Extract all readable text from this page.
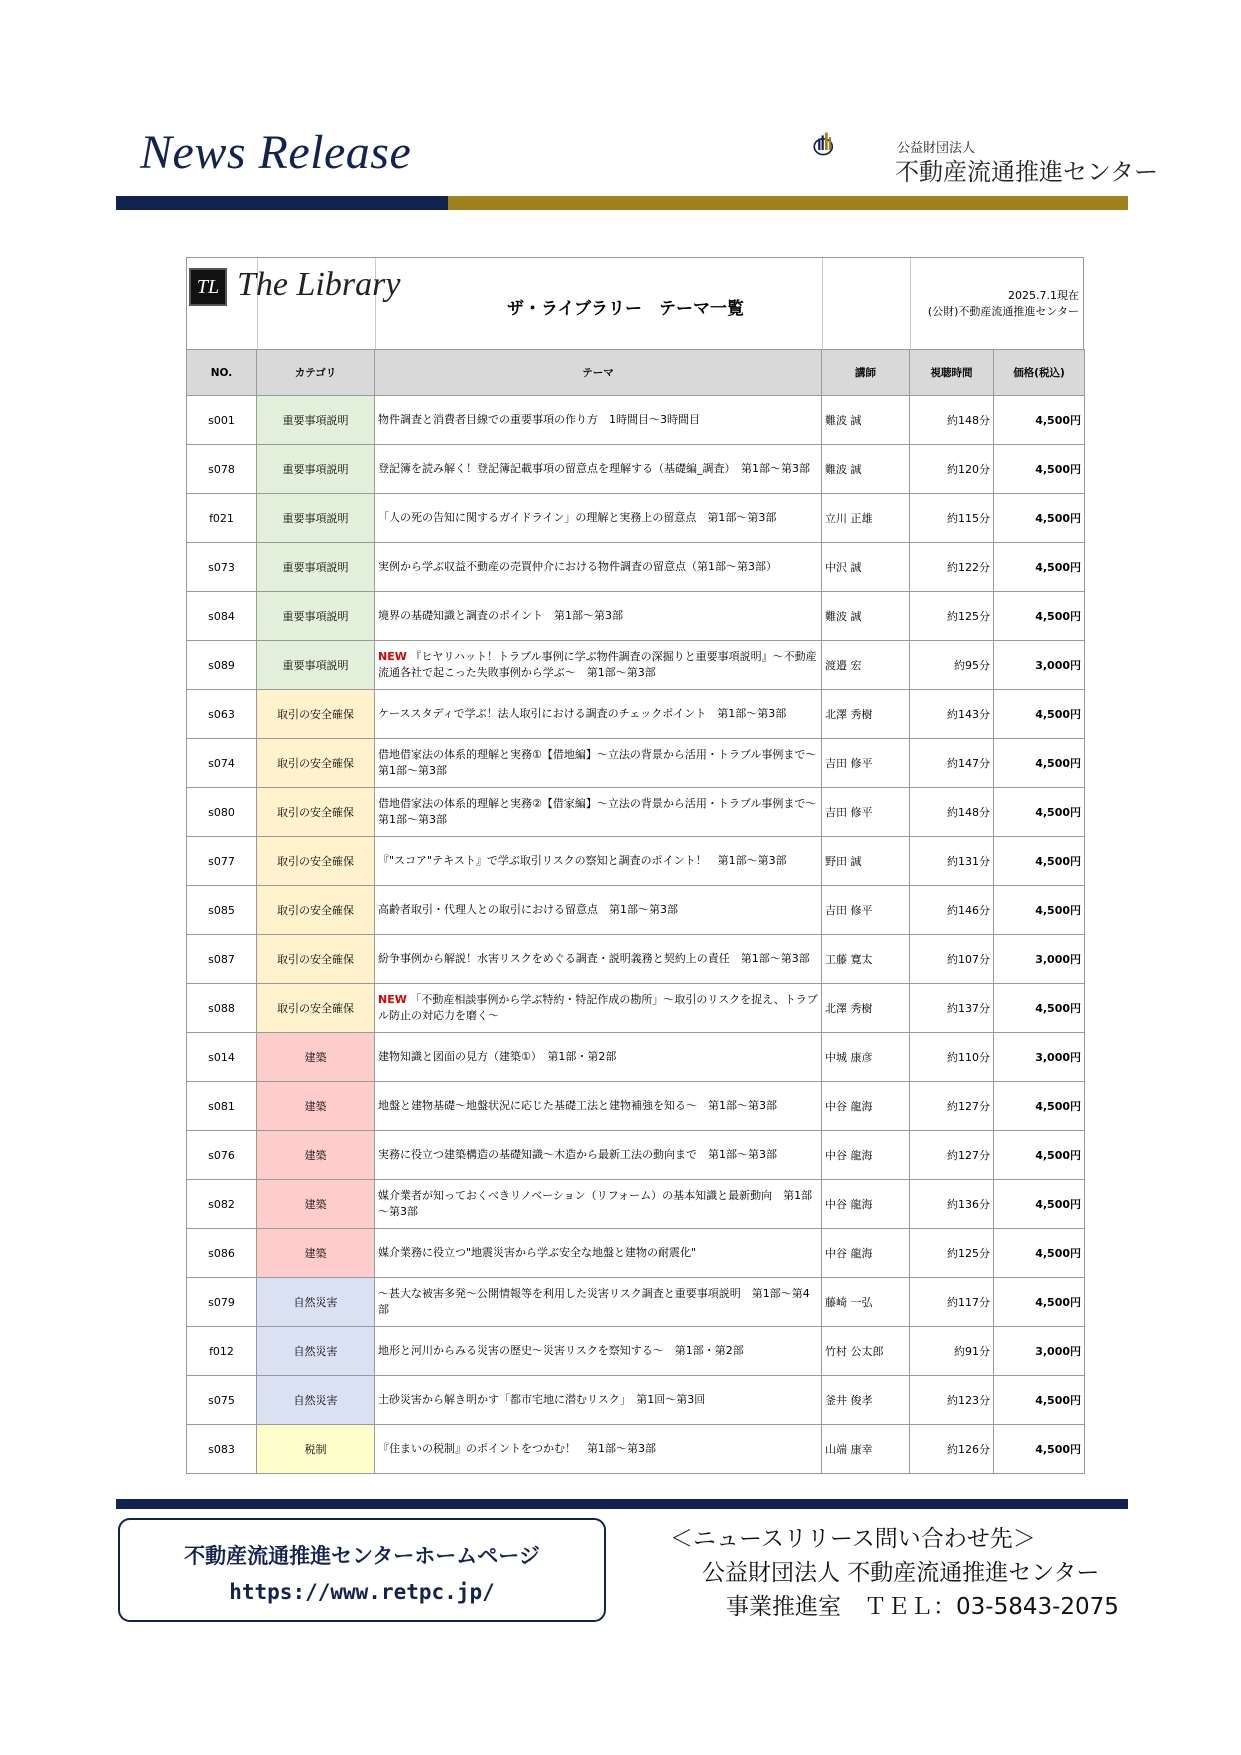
News Release	公益財団法人
不動産流通推進センター
TL The Library
ザ・ライブラリー　テーマ一覧
2025.7.1現在
(公財)不動産流通推進センター
NO.	カテゴリ	テーマ	講師	視聴時間	価格(税込)
s001	重要事項説明	物件調査と消費者目線での重要事項の作り方　1時間目～3時間目	難波 誠	約148分	4,500円
s078	重要事項説明	登記簿を読み解く！登記簿記載事項の留意点を理解する（基礎編_調査）　第1部～第3部	難波 誠	約120分	4,500円
f021	重要事項説明	「人の死の告知に関するガイドライン」の理解と実務上の留意点　第1部～第3部	立川 正雄	約115分	4,500円
s073	重要事項説明	実例から学ぶ収益不動産の売買仲介における物件調査の留意点（第1部～第3部）	中沢 誠	約122分	4,500円
s084	重要事項説明	境界の基礎知識と調査のポイント　第1部～第3部	難波 誠	約125分	4,500円
s089	重要事項説明	NEW 『ヒヤリハット！トラブル事例に学ぶ物件調査の深掘りと重要事項説明』～不動産流通各社で起こった失敗事例から学ぶ～　第1部～第3部	渡邉 宏	約95分	3,000円
s063	取引の安全確保	ケーススタディで学ぶ！法人取引における調査のチェックポイント　第1部～第3部	北澤 秀樹	約143分	4,500円
s074	取引の安全確保	借地借家法の体系的理解と実務①【借地編】～立法の背景から活用・トラブル事例まで～　第1部～第3部	吉田 修平	約147分	4,500円
s080	取引の安全確保	借地借家法の体系的理解と実務②【借家編】～立法の背景から活用・トラブル事例まで～　第1部～第3部	吉田 修平	約148分	4,500円
s077	取引の安全確保	『"スコア"テキスト』で学ぶ取引リスクの察知と調査のポイント！　第1部～第3部	野田 誠	約131分	4,500円
s085	取引の安全確保	高齢者取引・代理人との取引における留意点　第1部～第3部	吉田 修平	約146分	4,500円
s087	取引の安全確保	紛争事例から解説！水害リスクをめぐる調査・説明義務と契約上の責任　第1部～第3部	工藤 寛太	約107分	3,000円
s088	取引の安全確保	NEW 「不動産相談事例から学ぶ特約・特記作成の勘所」～取引のリスクを捉え、トラブル防止の対応力を磨く～	北澤 秀樹	約137分	4,500円
s014	建築	建物知識と図面の見方（建築①）　第1部・第2部	中城 康彦	約110分	3,000円
s081	建築	地盤と建物基礎～地盤状況に応じた基礎工法と建物補強を知る～　第1部～第3部	中谷 龍海	約127分	4,500円
s076	建築	実務に役立つ建築構造の基礎知識～木造から最新工法の動向まで　第1部～第3部	中谷 龍海	約127分	4,500円
s082	建築	媒介業者が知っておくべきリノベーション（リフォーム）の基本知識と最新動向　第1部～第3部	中谷 龍海	約136分	4,500円
s086	建築	媒介業務に役立つ"地震災害から学ぶ安全な地盤と建物の耐震化"	中谷 龍海	約125分	4,500円
s079	自然災害	～甚大な被害多発～公開情報等を利用した災害リスク調査と重要事項説明　第1部～第4部	藤崎 一弘	約117分	4,500円
f012	自然災害	地形と河川からみる災害の歴史～災害リスクを察知する～　第1部・第2部	竹村 公太郎	約91分	3,000円
s075	自然災害	土砂災害から解き明かす「都市宅地に潜むリスク」　第1回～第3回	釜井 俊孝	約123分	4,500円
s083	税制	『住まいの税制』のポイントをつかむ！　第1部～第3部	山端 康幸	約126分	4,500円
不動産流通推進センターホームページ
https://www.retpc.jp/
＜ニュースリリース問い合わせ先＞
公益財団法人 不動産流通推進センター
事業推進室　ＴＥＬ：03-5843-2075
